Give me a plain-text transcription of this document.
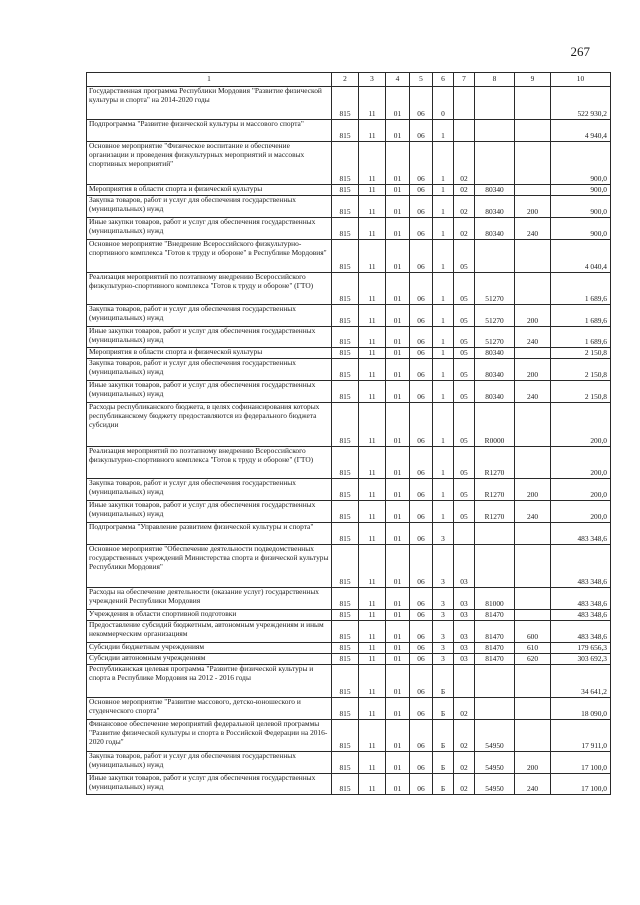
267
1	2	3	4	5	6	7	8	9	10
Государственная программа Республики Мордовия "Развитие физической культуры и спорта" на 2014-2020 годы	815	11	01	06	0				522 930,2
Подпрограмма "Развитие физической культуры и массового спорта"	815	11	01	06	1				4 940,4
Основное мероприятие "Физическое воспитание и обеспечение организации и проведения физкультурных мероприятий и массовых спортивных мероприятий"	815	11	01	06	1	02			900,0
Мероприятия в области спорта и физической культуры	815	11	01	06	1	02	80340		900,0
Закупка товаров, работ и услуг для обеспечения государственных (муниципальных) нужд	815	11	01	06	1	02	80340	200	900,0
Иные закупки товаров, работ и услуг для обеспечения государственных (муниципальных) нужд	815	11	01	06	1	02	80340	240	900,0
Основное мероприятие "Внедрение Всероссийского физкультурно-спортивного комплекса "Готов к труду и обороне" в Республике Мордовия"	815	11	01	06	1	05			4 040,4
Реализация мероприятий по поэтапному внедрению Всероссийского физкультурно-спортивного комплекса "Готов к труду и обороне" (ГТО)	815	11	01	06	1	05	51270		1 689,6
Закупка товаров, работ и услуг для обеспечения государственных (муниципальных) нужд	815	11	01	06	1	05	51270	200	1 689,6
Иные закупки товаров, работ и услуг для обеспечения государственных (муниципальных) нужд	815	11	01	06	1	05	51270	240	1 689,6
Мероприятия в области спорта и физической культуры	815	11	01	06	1	05	80340		2 150,8
Закупка товаров, работ и услуг для обеспечения государственных (муниципальных) нужд	815	11	01	06	1	05	80340	200	2 150,8
Иные закупки товаров, работ и услуг для обеспечения государственных (муниципальных) нужд	815	11	01	06	1	05	80340	240	2 150,8
Расходы республиканского бюджета, в целях софинансирования которых республиканскому бюджету предоставляются из федерального бюджета субсидии	815	11	01	06	1	05	R0000		200,0
Реализация мероприятий по поэтапному внедрению Всероссийского физкультурно-спортивного комплекса "Готов к труду и обороне" (ГТО)	815	11	01	06	1	05	R1270		200,0
Закупка товаров, работ и услуг для обеспечения государственных (муниципальных) нужд	815	11	01	06	1	05	R1270	200	200,0
Иные закупки товаров, работ и услуг для обеспечения государственных (муниципальных) нужд	815	11	01	06	1	05	R1270	240	200,0
Подпрограмма "Управление развитием физической культуры и спорта"	815	11	01	06	3				483 348,6
Основное мероприятие "Обеспечение деятельности подведомственных государственных учреждений Министерства спорта и физической культуры Республики Мордовия"	815	11	01	06	3	03			483 348,6
Расходы на обеспечение деятельности (оказание услуг) государственных учреждений Республики Мордовия	815	11	01	06	3	03	81000		483 348,6
Учреждения в области спортивной подготовки	815	11	01	06	3	03	81470		483 348,6
Предоставление субсидий бюджетным, автономным учреждениям и иным некоммерческим организациям	815	11	01	06	3	03	81470	600	483 348,6
Субсидии бюджетным учреждениям	815	11	01	06	3	03	81470	610	179 656,3
Субсидии автономным учреждениям	815	11	01	06	3	03	81470	620	303 692,3
Республиканская целевая программа "Развитие физической культуры и спорта в Республике Мордовия на 2012 - 2016 годы	815	11	01	06	Б				34 641,2
Основное мероприятие "Развитие массового, детско-юношеского и студенческого спорта"	815	11	01	06	Б	02			18 090,0
Финансовое обеспечение мероприятий федеральной целевой программы "Развитие физической культуры и спорта в Российской Федерации на 2016-2020 годы"	815	11	01	06	Б	02	54950		17 911,0
Закупка товаров, работ и услуг для обеспечения государственных (муниципальных) нужд	815	11	01	06	Б	02	54950	200	17 100,0
Иные закупки товаров, работ и услуг для обеспечения государственных (муниципальных) нужд	815	11	01	06	Б	02	54950	240	17 100,0
